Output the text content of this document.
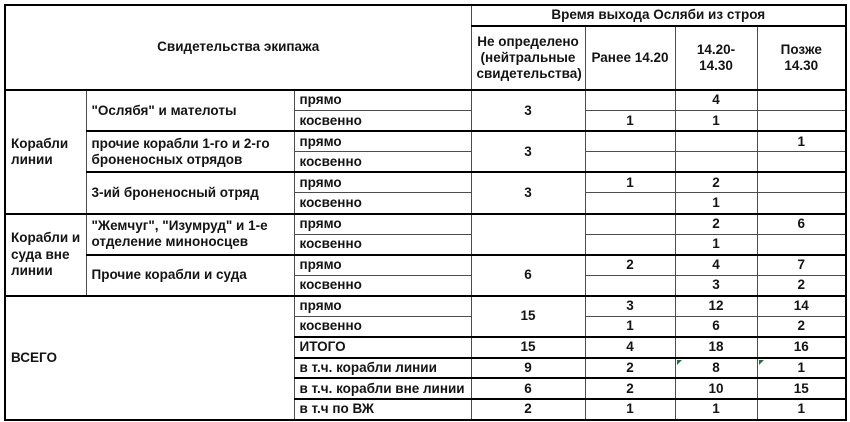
Свидетельства экипажа			Время выхода Осляби из строя			
			Не определено (нейтральные свидетельства)	Ранее 14.20	14.20-14.30	Позже 14.30
Корабли линии	"Ослябя" и мателоты	прямо	3		4	
		косвенно		1	1	
	прочие корабли 1-го и 2-го броненосных отрядов	прямо	3			1
		косвенно				
	3-ий броненосный отряд	прямо	3	1	2	
		косвенно			1	
Корабли и суда вне линии	"Жемчуг", "Изумруд" и 1-е отделение миноносцев	прямо			2	6
		косвенно			1	
	Прочие корабли и суда	прямо	6	2	4	7
		косвенно			3	2
ВСЕГО		прямо	15	3	12	14
		косвенно		1	6	2
		ИТОГО	15	4	18	16
		в т.ч. корабли линии	9	2	8	1
		в т.ч. корабли вне линии	6	2	10	15
		в т.ч по ВЖ	2	1	1	1
